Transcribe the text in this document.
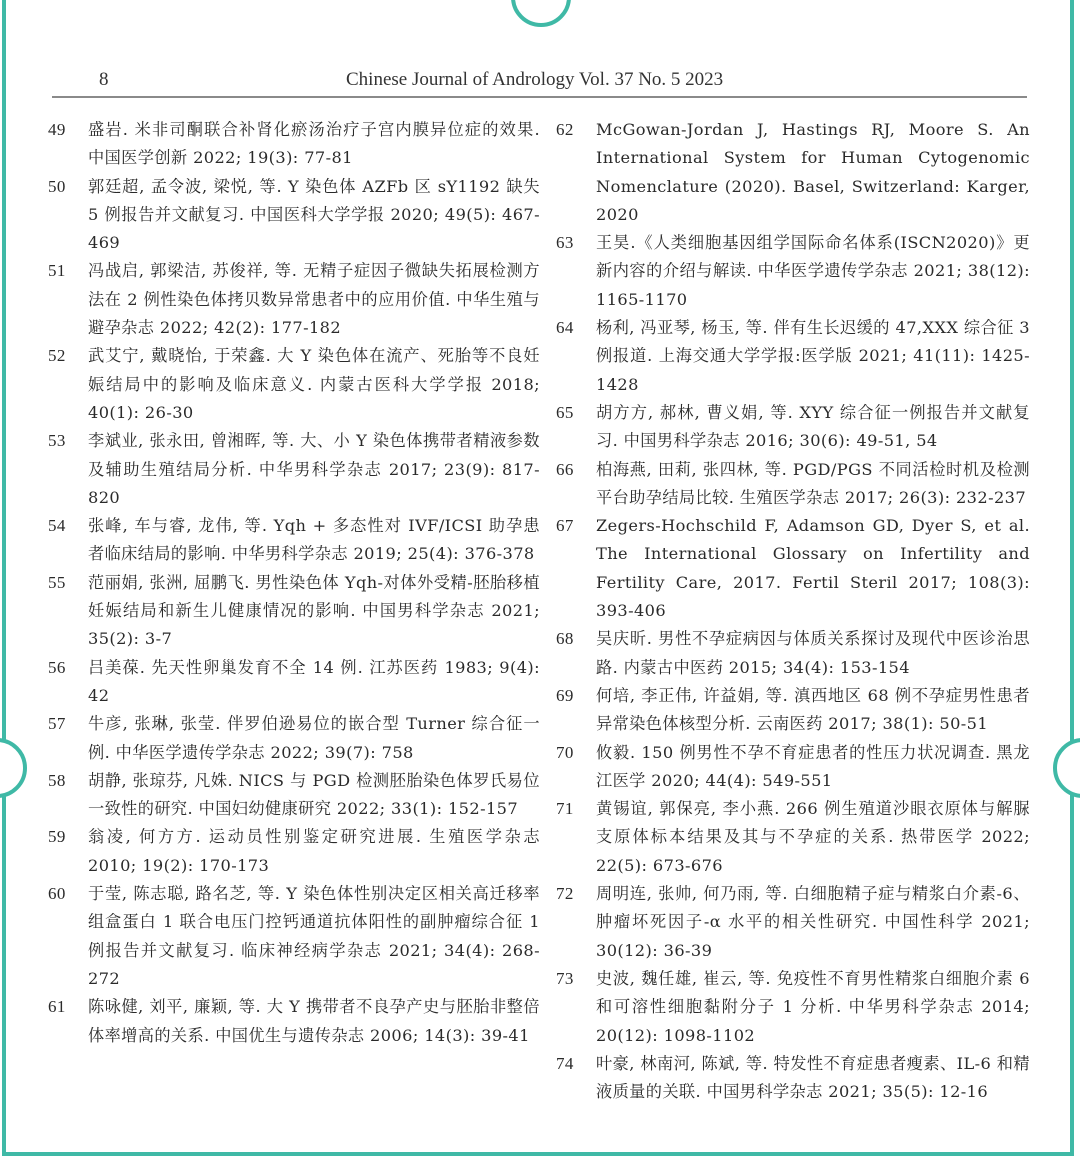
8	Chinese Journal of Andrology Vol. 37 No. 5 2023
49	盛岩. 米非司酮联合补肾化瘀汤治疗子宫内膜异位症的效果. 中国医学创新 2022; 19(3): 77-81
50	郭廷超, 孟令波, 梁悦, 等. Y 染色体 AZFb 区 sY1192 缺失 5 例报告并文献复习. 中国医科大学学报 2020; 49(5): 467-469
51	冯战启, 郭梁洁, 苏俊祥, 等. 无精子症因子微缺失拓展检测方法在 2 例性染色体拷贝数异常患者中的应用价值. 中华生殖与避孕杂志 2022; 42(2): 177-182
52	武艾宁, 戴晓怡, 于荣鑫. 大 Y 染色体在流产、死胎等不良妊娠结局中的影响及临床意义. 内蒙古医科大学学报 2018; 40(1): 26-30
53	李斌业, 张永田, 曾湘晖, 等. 大、小 Y 染色体携带者精液参数及辅助生殖结局分析. 中华男科学杂志 2017; 23(9): 817-820
54	张峰, 车与睿, 龙伟, 等. Yqh + 多态性对 IVF/ICSI 助孕患者临床结局的影响. 中华男科学杂志 2019; 25(4): 376-378
55	范丽娟, 张洲, 屈鹏飞. 男性染色体 Yqh-对体外受精-胚胎移植妊娠结局和新生儿健康情况的影响. 中国男科学杂志 2021; 35(2): 3-7
56	吕美葆. 先天性卵巢发育不全 14 例. 江苏医药 1983; 9(4): 42
57	牛彦, 张琳, 张莹. 伴罗伯逊易位的嵌合型 Turner 综合征一例. 中华医学遗传学杂志 2022; 39(7): 758
58	胡静, 张琼芬, 凡姝. NICS 与 PGD 检测胚胎染色体罗氏易位一致性的研究. 中国妇幼健康研究 2022; 33(1): 152-157
59	翁凌, 何方方. 运动员性别鉴定研究进展. 生殖医学杂志 2010; 19(2): 170-173
60	于莹, 陈志聪, 路名芝, 等. Y 染色体性别决定区相关高迁移率组盒蛋白 1 联合电压门控钙通道抗体阳性的副肿瘤综合征 1 例报告并文献复习. 临床神经病学杂志 2021; 34(4): 268-272
61	陈咏健, 刘平, 廉颖, 等. 大 Y 携带者不良孕产史与胚胎非整倍体率增高的关系. 中国优生与遗传杂志 2006; 14(3): 39-41
62	McGowan-Jordan J, Hastings RJ, Moore S. An International System for Human Cytogenomic Nomenclature (2020). Basel, Switzerland: Karger, 2020
63	王昊.《人类细胞基因组学国际命名体系(ISCN2020)》更新内容的介绍与解读. 中华医学遗传学杂志 2021; 38(12): 1165-1170
64	杨利, 冯亚琴, 杨玉, 等. 伴有生长迟缓的 47,XXX 综合征 3 例报道. 上海交通大学学报:医学版 2021; 41(11): 1425-1428
65	胡方方, 郝林, 曹义娟, 等. XYY 综合征一例报告并文献复习. 中国男科学杂志 2016; 30(6): 49-51, 54
66	柏海燕, 田莉, 张四林, 等. PGD/PGS 不同活检时机及检测平台助孕结局比较. 生殖医学杂志 2017; 26(3): 232-237
67	Zegers-Hochschild F, Adamson GD, Dyer S, et al. The International Glossary on Infertility and Fertility Care, 2017. Fertil Steril 2017; 108(3): 393-406
68	吴庆昕. 男性不孕症病因与体质关系探讨及现代中医诊治思路. 内蒙古中医药 2015; 34(4): 153-154
69	何培, 李正伟, 许益娟, 等. 滇西地区 68 例不孕症男性患者异常染色体核型分析. 云南医药 2017; 38(1): 50-51
70	攸毅. 150 例男性不孕不育症患者的性压力状况调查. 黑龙江医学 2020; 44(4): 549-551
71	黄锡谊, 郭保亮, 李小燕. 266 例生殖道沙眼衣原体与解脲支原体标本结果及其与不孕症的关系. 热带医学 2022; 22(5): 673-676
72	周明连, 张帅, 何乃雨, 等. 白细胞精子症与精浆白介素-6、肿瘤坏死因子-α 水平的相关性研究. 中国性科学 2021; 30(12): 36-39
73	史波, 魏任雄, 崔云, 等. 免疫性不育男性精浆白细胞介素 6 和可溶性细胞黏附分子 1 分析. 中华男科学杂志 2014; 20(12): 1098-1102
74	叶豪, 林南河, 陈斌, 等. 特发性不育症患者瘦素、IL-6 和精液质量的关联. 中国男科学杂志 2021; 35(5): 12-16
